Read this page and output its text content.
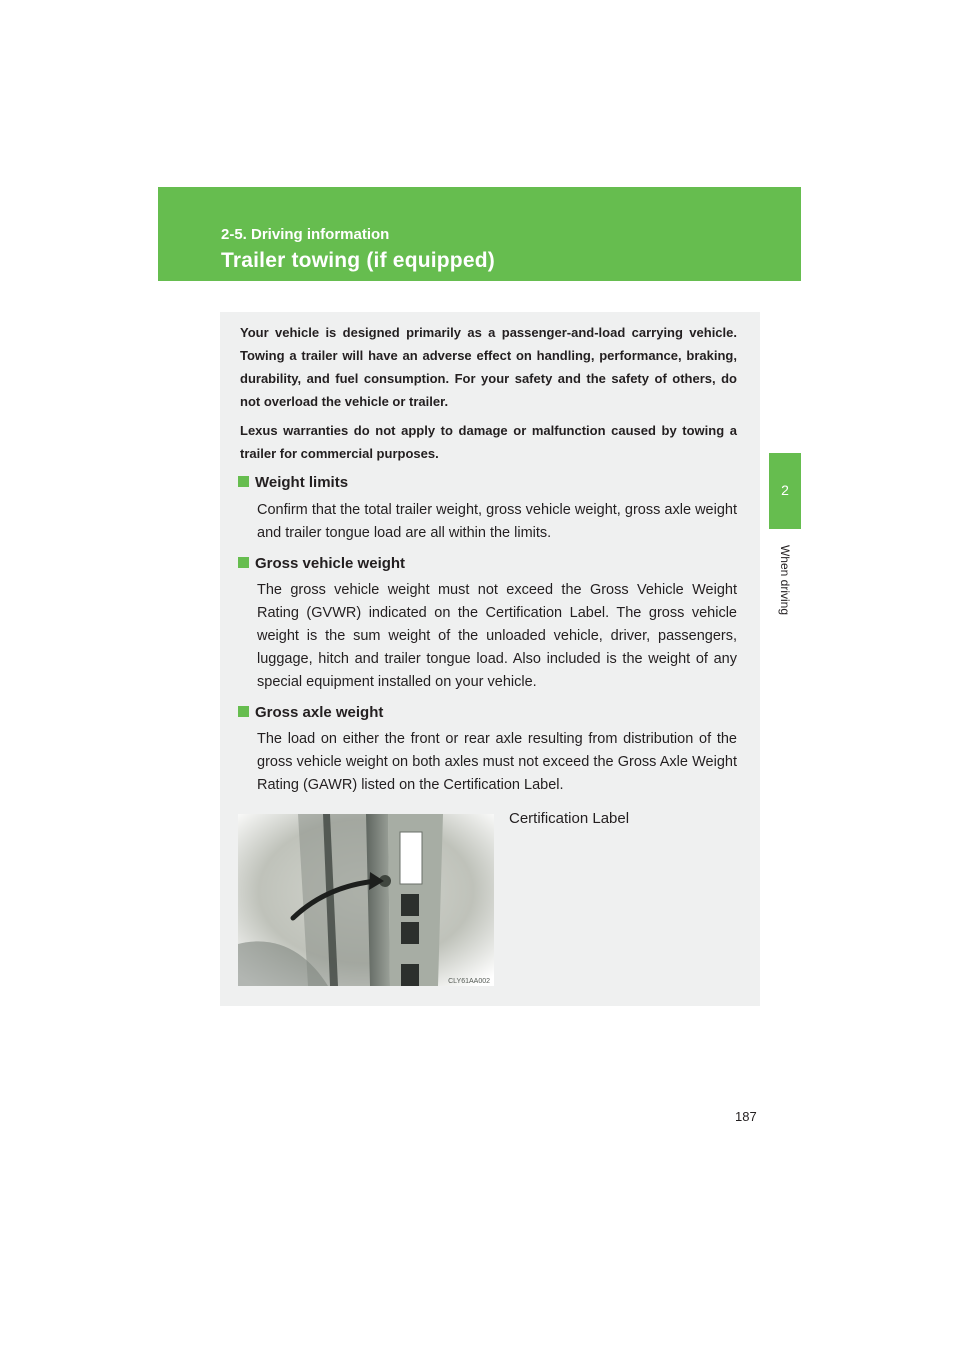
2-5. Driving information
Trailer towing (if equipped)
2
When driving

Your vehicle is designed primarily as a passenger-and-load carrying vehicle. Towing a trailer will have an adverse effect on handling, performance, braking, durability, and fuel consumption. For your safety and the safety of others, do not overload the vehicle or trailer.

Lexus warranties do not apply to damage or malfunction caused by towing a trailer for commercial purposes.

Weight limits

Confirm that the total trailer weight, gross vehicle weight, gross axle weight and trailer tongue load are all within the limits.

Gross vehicle weight

The gross vehicle weight must not exceed the Gross Vehicle Weight Rating (GVWR) indicated on the Certification Label. The gross vehicle weight is the sum weight of the unloaded vehicle, driver, passengers, luggage, hitch and trailer tongue load. Also included is the weight of any special equipment installed on your vehicle.

Gross axle weight

The load on either the front or rear axle resulting from distribution of the gross vehicle weight on both axles must not exceed the Gross Axle Weight Rating (GAWR) listed on the Certification Label.

CLY61AA002
Certification Label
187
